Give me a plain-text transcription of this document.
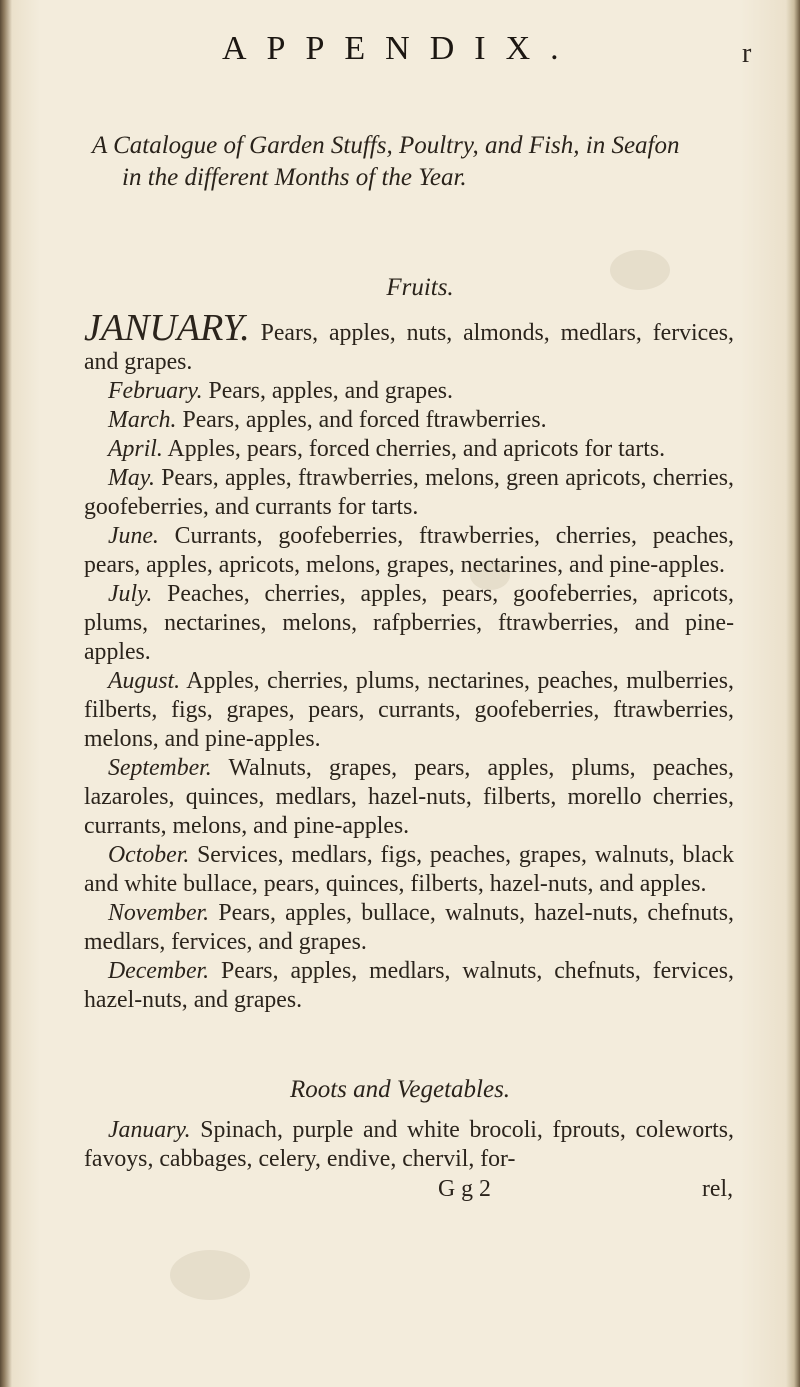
APPENDIX.	r
A Catalogue of Garden Stuffs, Poultry, and Fish, in Seafon
in the different Months of the Year.
Fruits.

JANUARY. Pears, apples, nuts, almonds, medlars, fervices, and grapes.

February. Pears, apples, and grapes.

March. Pears, apples, and forced ftrawberries.

April. Apples, pears, forced cherries, and apricots for tarts.

May. Pears, apples, ftrawberries, melons, green apricots, cherries, goofeberries, and currants for tarts.

June. Currants, goofeberries, ftrawberries, cherries, peaches, pears, apples, apricots, melons, grapes, nectarines, and pine-apples.

July. Peaches, cherries, apples, pears, goofeberries, apricots, plums, nectarines, melons, rafpberries, ftrawberries, and pine-apples.

August. Apples, cherries, plums, nectarines, peaches, mulberries, filberts, figs, grapes, pears, currants, goofeberries, ftrawberries, melons, and pine-apples.

September. Walnuts, grapes, pears, apples, plums, peaches, lazaroles, quinces, medlars, hazel-nuts, filberts, morello cherries, currants, melons, and pine-apples.

October. Services, medlars, figs, peaches, grapes, walnuts, black and white bullace, pears, quinces, filberts, hazel-nuts, and apples.

November. Pears, apples, bullace, walnuts, hazel-nuts, chefnuts, medlars, fervices, and grapes.

December. Pears, apples, medlars, walnuts, chefnuts, fervices, hazel-nuts, and grapes.

Roots and Vegetables.

January. Spinach, purple and white brocoli, fprouts, coleworts, favoys, cabbages, celery, endive, chervil, for-

G g 2	rel,
